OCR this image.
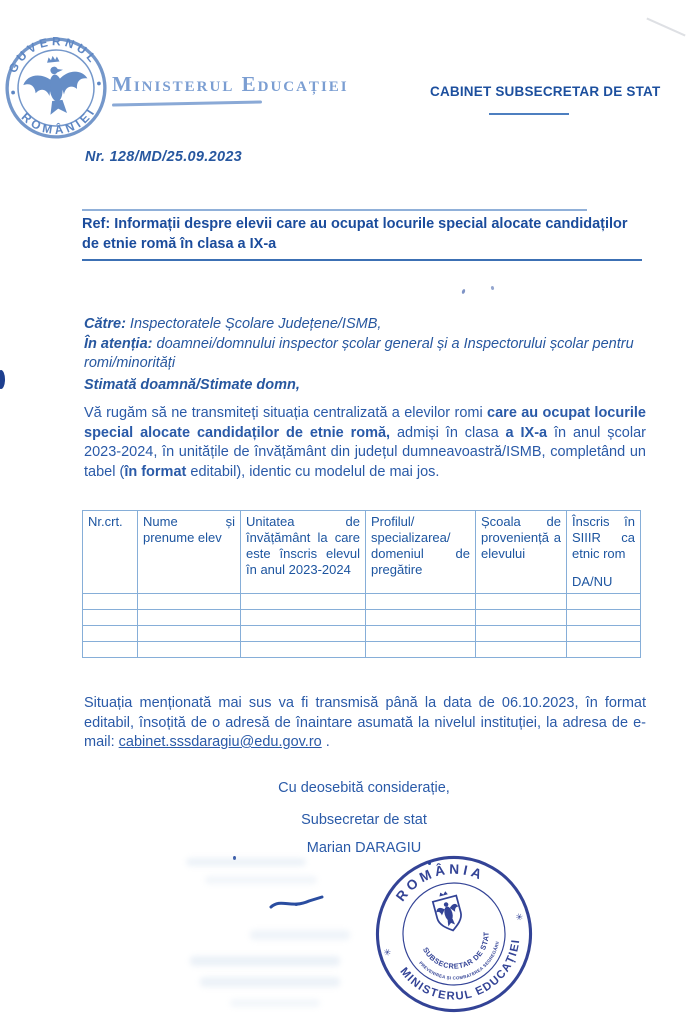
GUVERNUL
ROMÂNIEI
Ministerul Educației	CABINET SUBSECRETAR DE STAT
Nr. 128/MD/25.09.2023
Ref: Informații despre elevii care au ocupat locurile special alocate candidaților de etnie romă în clasa a IX-a
Către: Inspectoratele Școlare Județene/ISMB,
În atenția: doamnei/domnului inspector școlar general și a Inspectorului școlar pentru romi/minorități
Stimată doamnă/Stimate domn,
Vă rugăm să ne transmiteți situația centralizată a elevilor romi care au ocupat locurile special alocate candidaților de etnie romă, admiși în clasa a IX-a în anul școlar 2023-2024, în unitățile de învățământ din județul dumneavoastră/ISMB, completând un tabel (în format editabil), identic cu modelul de mai jos.
Nr.crt.	Nume și prenume elev	Unitatea de învățământ la care este înscris elevul în anul 2023-2024	Profilul/ specializarea/ domeniul de pregătire	Școala de proveniență a elevului	Înscris în SIIIR ca etnic rom
DA/NU

Situația menționată mai sus va fi transmisă până la data de 06.10.2023, în format editabil, însoțită de o adresă de înaintare asumată la nivelul instituției, la adresa de e-mail: cabinet.sssdaragiu@edu.gov.ro .
Cu deosebită considerație,
Subsecretar de stat
Marian DARAGIU
ROMÂNIA
MINISTERUL EDUCAȚIEI
SUBSECRETAR DE STAT
PREVENIREA ȘI COMBATEREA SEGREGĂRII
✳
✳
